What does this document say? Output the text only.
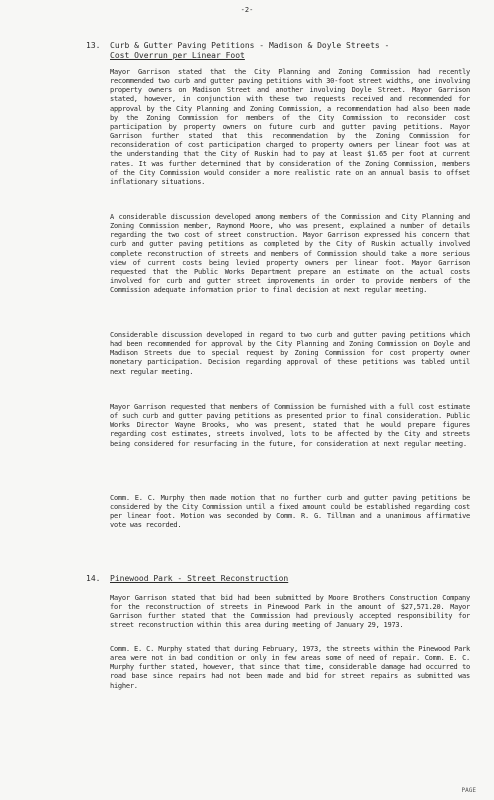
-2-
13. Curb & Gutter Paving Petitions - Madison & Doyle Streets -
Cost Overrun per Linear Foot
Mayor Garrison stated that the City Planning and Zoning Commission had recently recommended two curb and gutter paving petitions with 30-foot street widths, one involving property owners on Madison Street and another involving Doyle Street. Mayor Garrison stated, however, in conjunction with these two requests received and recommended for approval by the City Planning and Zoning Commission, a recommendation had also been made by the Zoning Commission for members of the City Commission to reconsider cost participation by property owners on future curb and gutter paving petitions. Mayor Garrison further stated that this recommendation by the Zoning Commission for reconsideration of cost participation charged to property owners per linear foot was at the understanding that the City of Ruskin had to pay at least $1.65 per foot at current rates. It was further determined that by consideration of the Zoning Commission, members of the City Commission would consider a more realistic rate on an annual basis to offset inflationary situations.
A considerable discussion developed among members of the Commission and City Planning and Zoning Commission member, Raymond Moore, who was present, explained a number of details regarding the two cost of street construction. Mayor Garrison expressed his concern that curb and gutter paving petitions as completed by the City of Ruskin actually involved complete reconstruction of streets and members of Commission should take a more serious view of current costs being levied property owners per linear foot. Mayor Garrison requested that the Public Works Department prepare an estimate on the actual costs involved for curb and gutter street improvements in order to provide members of the Commission adequate information prior to final decision at next regular meeting.
Considerable discussion developed in regard to two curb and gutter paving petitions which had been recommended for approval by the City Planning and Zoning Commission on Doyle and Madison Streets due to special request by Zoning Commission for cost property owner monetary participation. Decision regarding approval of these petitions was tabled until next regular meeting.
Mayor Garrison requested that members of Commission be furnished with a full cost estimate of such curb and gutter paving petitions as presented prior to final consideration. Public Works Director Wayne Brooks, who was present, stated that he would prepare figures regarding cost estimates, streets involved, lots to be affected by the City and streets being considered for resurfacing in the future, for consideration at next regular meeting.
Comm. E. C. Murphy then made motion that no further curb and gutter paving petitions be considered by the City Commission until a fixed amount could be established regarding cost per linear foot. Motion was seconded by Comm. R. G. Tillman and a unanimous affirmative vote was recorded.
14. Pinewood Park - Street Reconstruction
Mayor Garrison stated that bid had been submitted by Moore Brothers Construction Company for the reconstruction of streets in Pinewood Park in the amount of $27,571.20. Mayor Garrison further stated that the Commission had previously accepted responsibility for street reconstruction within this area during meeting of January 29, 1973.
Comm. E. C. Murphy stated that during February, 1973, the streets within the Pinewood Park area were not in bad condition or only in few areas some of need of repair. Comm. E. C. Murphy further stated, however, that since that time, considerable damage had occurred to road base since repairs had not been made and bid for street repairs as submitted was higher.
PAGE
